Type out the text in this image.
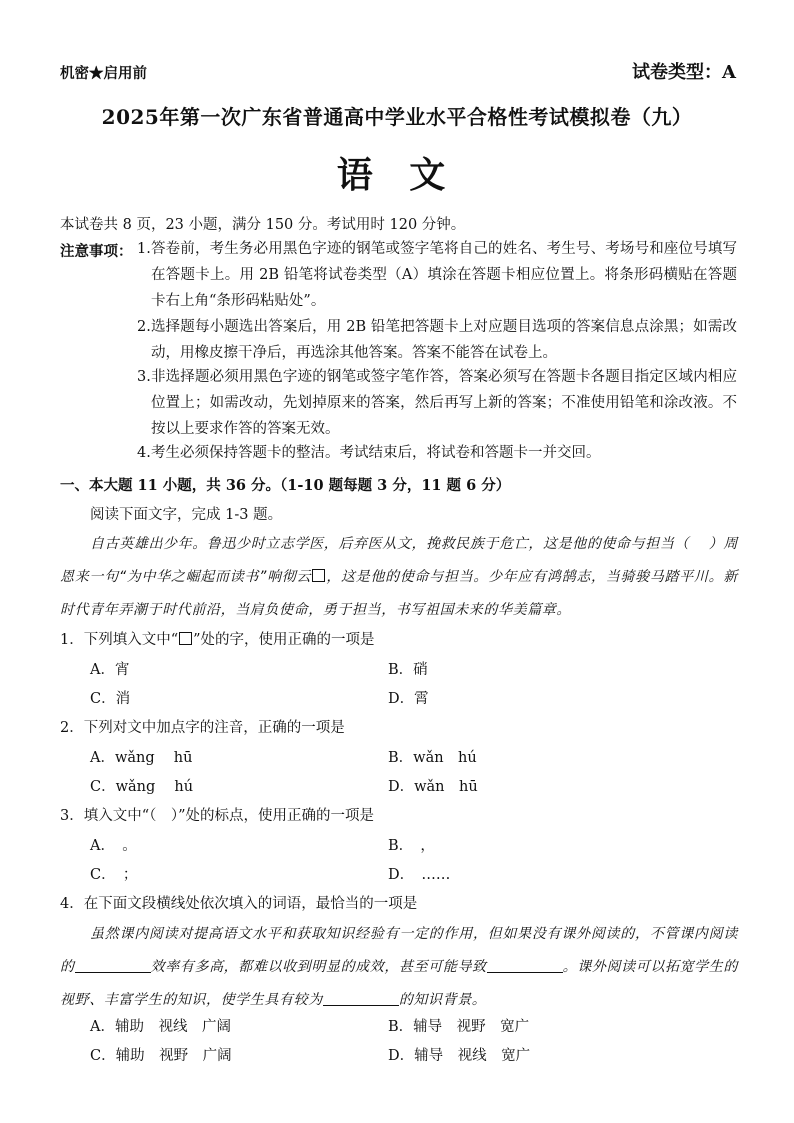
机密★启用前	试卷类型：A
2025年第一次广东省普通高中学业水平合格性考试模拟卷（九）
语 文
本试卷共 8 页，23 小题，满分 150 分。考试用时 120 分钟。
注意事项： 1. 答卷前，考生务必用黑色字迹的钢笔或签字笔将自己的姓名、考生号、考场号和座位号填写在答题卡上。用 2B 铅笔将试卷类型（A）填涂在答题卡相应位置上。将条形码横贴在答题卡右上角“条形码粘贴处”。
2. 选择题每小题选出答案后，用 2B 铅笔把答题卡上对应题目选项的答案信息点涂黑；如需改动，用橡皮擦干净后，再选涂其他答案。答案不能答在试卷上。
3. 非选择题必须用黑色字迹的钢笔或签字笔作答，答案必须写在答题卡各题目指定区域内相应位置上；如需改动，先划掉原来的答案，然后再写上新的答案；不准使用铅笔和涂改液。不按以上要求作答的答案无效。
4. 考生必须保持答题卡的整洁。考试结束后，将试卷和答题卡一并交回。
一、本大题 11 小题，共 36 分。（1-10 题每题 3 分，11 题 6 分）
阅读下面文字，完成 1-3 题。
自古英雄出少年。鲁迅少时立志学医，后弃医从文，挽救民族于危亡，这是他的使命与担当（　 ）周恩来一句“为中华之崛起而读书”响彻云 ，这是他的使命与担当。少年应有鸿鹄志，当骑骏马踏平川。新时代青年弄潮于时代前沿，当肩负使命，勇于担当，书写祖国未来的华美篇章。
1．下列填入文中“ ”处的字，使用正确的一项是
A．宵	B．硝
C．消	D．霄
2．下列对文中加点字的注音，正确的一项是
A．wǎng　 hū	B．wǎn　hú
C．wǎng　 hú	D．wǎn　hū
3．填入文中“（　）”处的标点，使用正确的一项是
A．　。	B．　，
C．　；	D．　……
4．在下面文段横线处依次填入的词语，最恰当的一项是
虽然课内阅读对提高语文水平和获取知识经验有一定的作用，但如果没有课外阅读的，不管课内阅读的	效率有多高，都难以收到明显的成效，甚至可能导致	。课外阅读可以拓宽学生的视野、丰富学生的知识，使学生具有较为	的知识背景。
A．辅助　视线　广阔	B．辅导　视野　宽广
C．辅助　视野　广阔	D．辅导　视线　宽广
